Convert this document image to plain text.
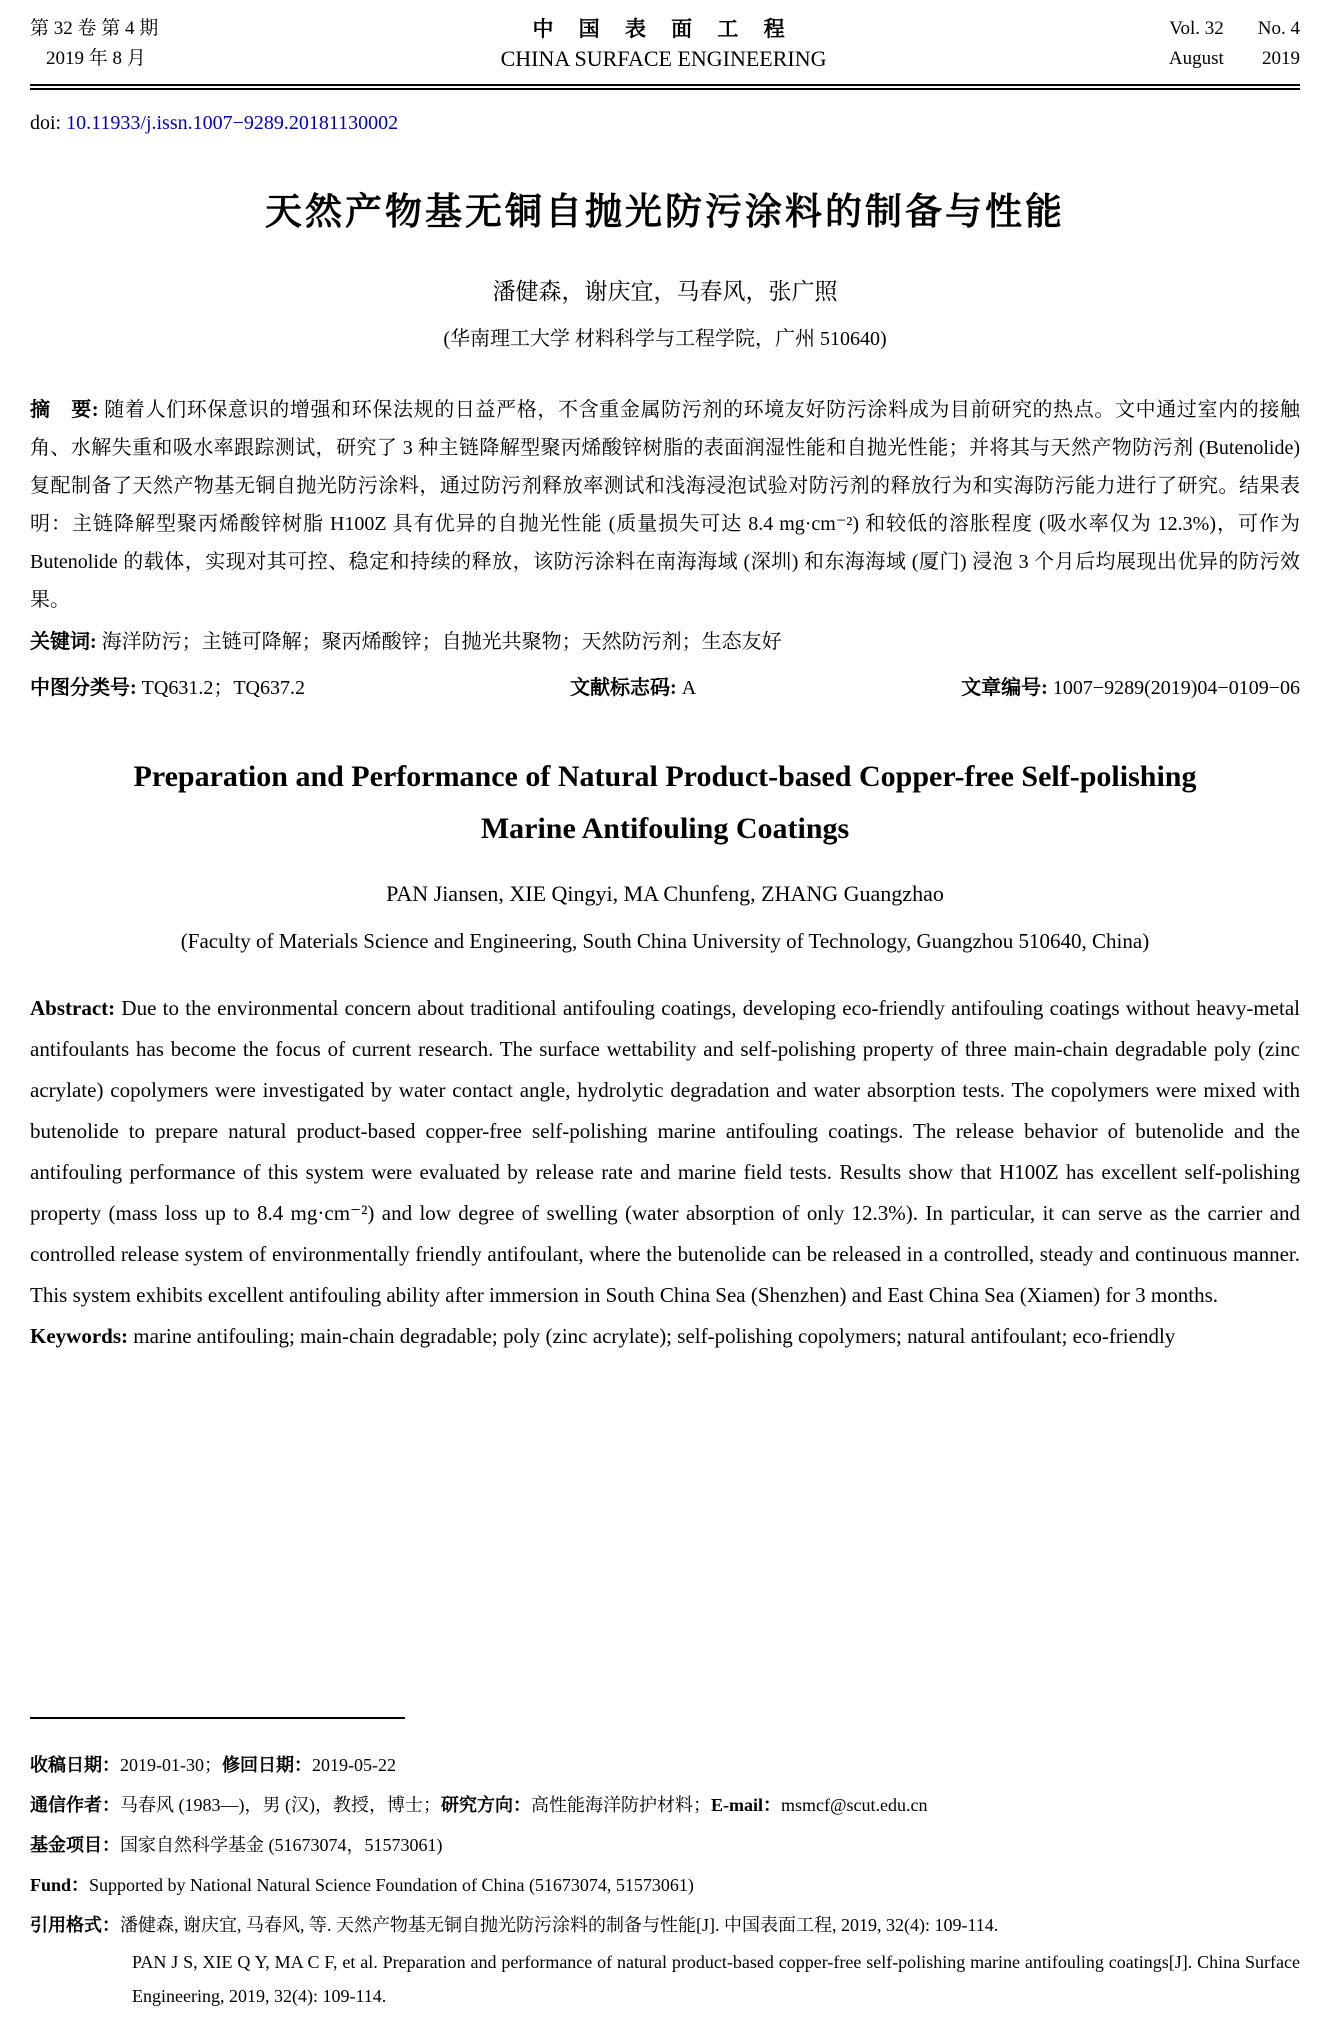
第 32 卷 第 4 期
2019 年 8 月
中 国 表 面 工 程
CHINA SURFACE ENGINEERING
Vol. 32
August
No. 4
2019
doi: 10.11933/j.issn.1007−9289.20181130002
天然产物基无铜自抛光防污涂料的制备与性能
潘健森，谢庆宜，马春风，张广照
(华南理工大学 材料科学与工程学院，广州 510640)

摘　要: 随着人们环保意识的增强和环保法规的日益严格，不含重金属防污剂的环境友好防污涂料成为目前研究的热点。文中通过室内的接触角、水解失重和吸水率跟踪测试，研究了 3 种主链降解型聚丙烯酸锌树脂的表面润湿性能和自抛光性能；并将其与天然产物防污剂 (Butenolide) 复配制备了天然产物基无铜自抛光防污涂料，通过防污剂释放率测试和浅海浸泡试验对防污剂的释放行为和实海防污能力进行了研究。结果表明：主链降解型聚丙烯酸锌树脂 H100Z 具有优异的自抛光性能 (质量损失可达 8.4 mg·cm⁻²) 和较低的溶胀程度 (吸水率仅为 12.3%)，可作为 Butenolide 的载体，实现对其可控、稳定和持续的释放，该防污涂料在南海海域 (深圳) 和东海海域 (厦门) 浸泡 3 个月后均展现出优异的防污效果。

关键词: 海洋防污；主链可降解；聚丙烯酸锌；自抛光共聚物；天然防污剂；生态友好

中图分类号: TQ631.2；TQ637.2	文献标志码: A	文章编号: 1007−9289(2019)04−0109−06
Preparation and Performance of Natural Product-based Copper-free Self-polishing
Marine Antifouling Coatings
PAN Jiansen, XIE Qingyi, MA Chunfeng, ZHANG Guangzhao
(Faculty of Materials Science and Engineering, South China University of Technology, Guangzhou 510640, China)

Abstract: Due to the environmental concern about traditional antifouling coatings, developing eco-friendly antifouling coatings without heavy-metal antifoulants has become the focus of current research. The surface wettability and self-polishing property of three main-chain degradable poly (zinc acrylate) copolymers were investigated by water contact angle, hydrolytic degradation and water absorption tests. The copolymers were mixed with butenolide to prepare natural product-based copper-free self-polishing marine antifouling coatings. The release behavior of butenolide and the antifouling performance of this system were evaluated by release rate and marine field tests. Results show that H100Z has excellent self-polishing property (mass loss up to 8.4 mg·cm⁻²) and low degree of swelling (water absorption of only 12.3%). In particular, it can serve as the carrier and controlled release system of environmentally friendly antifoulant, where the butenolide can be released in a controlled, steady and continuous manner. This system exhibits excellent antifouling ability after immersion in South China Sea (Shenzhen) and East China Sea (Xiamen) for 3 months.

Keywords: marine antifouling; main-chain degradable; poly (zinc acrylate); self-polishing copolymers; natural antifoulant; eco-friendly

收稿日期：2019-01-30；修回日期：2019-05-22
通信作者：马春风 (1983—)，男 (汉)，教授，博士；研究方向：高性能海洋防护材料；E-mail：msmcf@scut.edu.cn
基金项目：国家自然科学基金 (51673074，51573061)
Fund：Supported by National Natural Science Foundation of China (51673074, 51573061)
引用格式：潘健森, 谢庆宜, 马春风, 等. 天然产物基无铜自抛光防污涂料的制备与性能[J]. 中国表面工程, 2019, 32(4): 109-114.
PAN J S, XIE Q Y, MA C F, et al. Preparation and performance of natural product-based copper-free self-polishing marine antifouling coatings[J]. China Surface Engineering, 2019, 32(4): 109-114.
